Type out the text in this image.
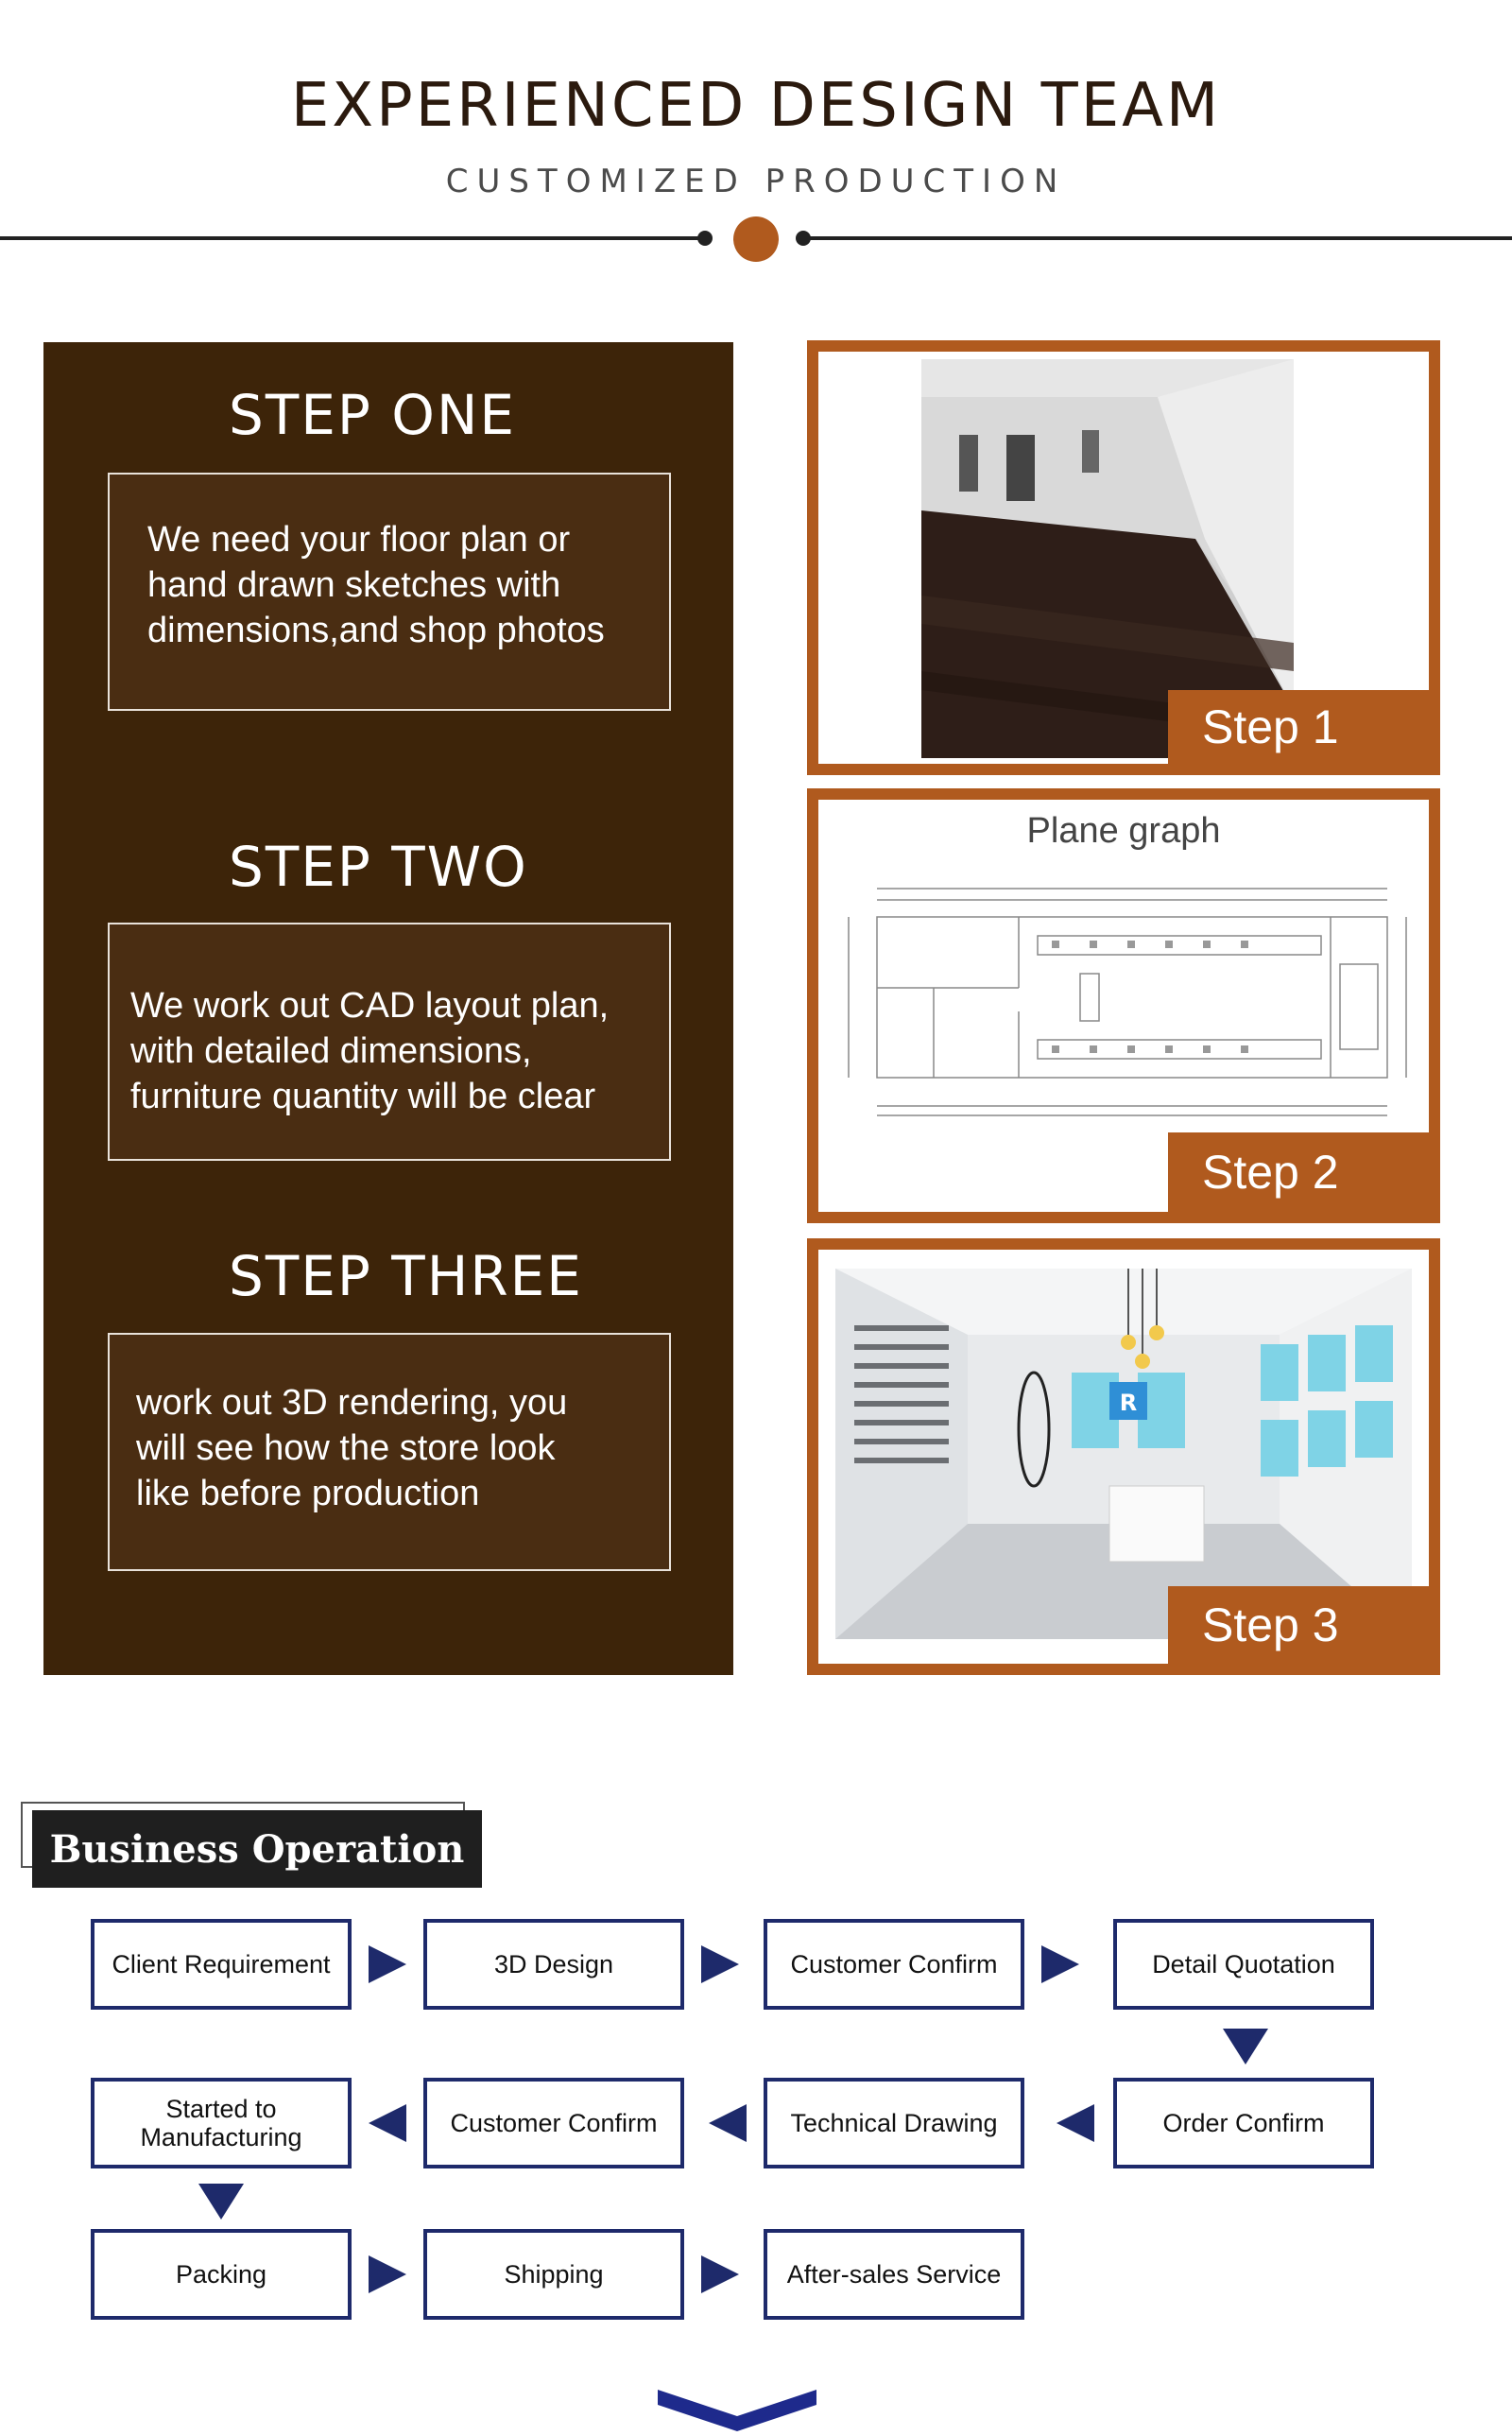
EXPERIENCED DESIGN TEAM
CUSTOMIZED PRODUCTION
STEP ONE

We need your floor plan or

hand drawn sketches with

dimensions,and shop photos

STEP TWO

We work out CAD layout plan,

with detailed dimensions,

furniture quantity will be clear

STEP THREE

work out 3D rendering, you

will see how the store look

like before production

Step 1
Plane graph
Step 2
R
Step 3
Business Operation
Client Requirement	3D Design	Customer Confirm	Detail Quotation
Started to Manufacturing	Customer Confirm	Technical Drawing	Order Confirm
Packing	Shipping	After-sales Service
